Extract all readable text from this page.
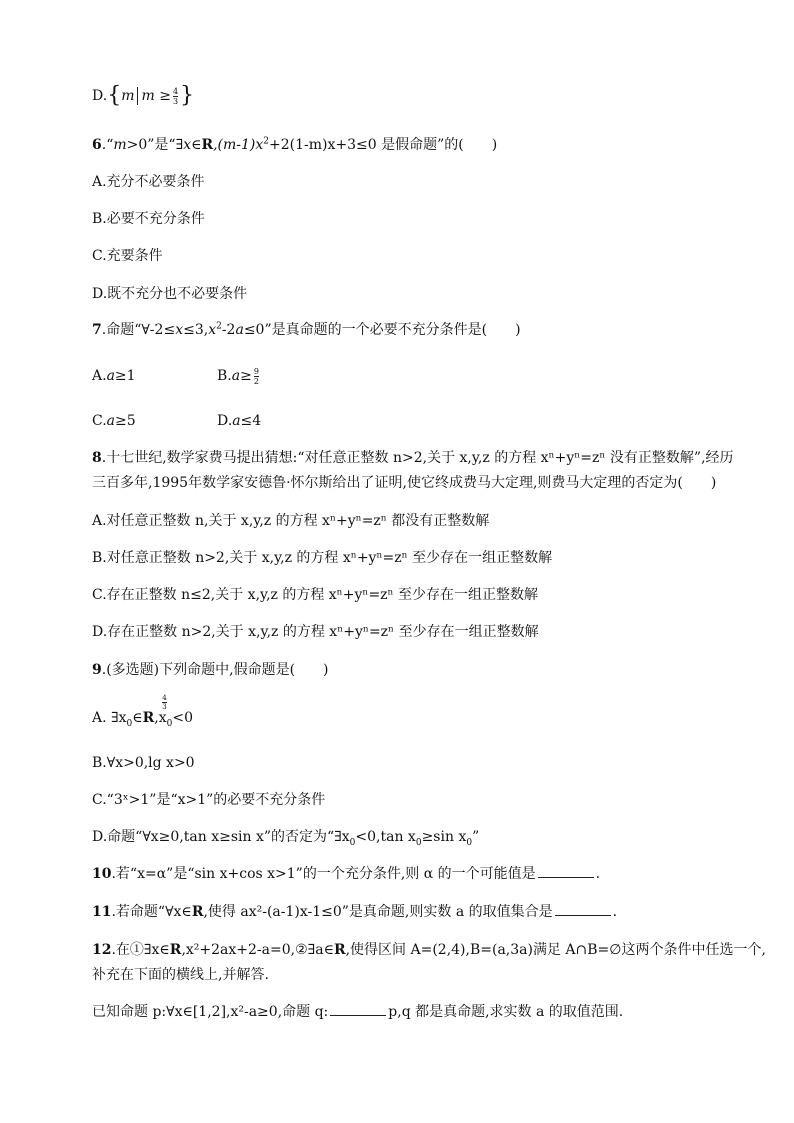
D.{m $m \ge \frac{4}{3}$ }
6.“m>0”是“$\exists x\in R,(m-1)x^2+2(1-m)x+3\le 0$ 是假命题”的( )
A.充分不必要条件
B.必要不充分条件
C.充要条件
D.既不充分也不必要条件
7.命题“$\forall-2\le x\le 3,x^2-2a\le 0$”是真命题的一个必要不充分条件是( )
A.a≥1	$B.a\ge \frac{9}{2}$
C.a≥5	D.a≤4
8.十七世纪,数学家费马提出猜想:“对任意正整数 n>2,关于 x,y,z 的方程 xⁿ+yⁿ=zⁿ 没有正整数解”,经历
三百多年,1995年数学家安德鲁·怀尔斯给出了证明,使它终成费马大定理,则费马大定理的否定为( )
A.对任意正整数 n,关于 x,y,z 的方程 xⁿ+yⁿ=zⁿ 都没有正整数解
B.对任意正整数 n>2,关于 x,y,z 的方程 xⁿ+yⁿ=zⁿ 至少存在一组正整数解
C.存在正整数 n≤2,关于 x,y,z 的方程 xⁿ+yⁿ=zⁿ 至少存在一组正整数解
D.存在正整数 n>2,关于 x,y,z 的方程 xⁿ+yⁿ=zⁿ 至少存在一组正整数解
9.(多选题)下列命题中,假命题是( )
A. $\exists x_0\in R,x$
$\frac{4}{3}$
$_0$<0
B.∀x>0,lg x>0
C.“3ˣ>1”是“x>1”的必要不充分条件
D.命题“∀x≥0,tan x≥sin x”的否定为“$\exists x_0<0,\tan$ $x_0\ge\sin$ $x_0$”
10.若“x=α”是“sin x+cos x>1”的一个充分条件,则 α 的一个可能值是	.
11.若命题“∀x∈R,使得 ax²-(a-1)x-1≤0”是真命题,则实数 a 的取值集合是	.
12.在①∃x∈R,x²+2ax+2-a=0,②∃a∈R,使得区间 A=(2,4),B=(a,3a)满足 A∩B=∅这两个条件中任选一个,
补充在下面的横线上,并解答.
已知命题 p:∀x∈[1,2],x²-a≥0,命题 q:	p,q 都是真命题,求实数 a 的取值范围.
